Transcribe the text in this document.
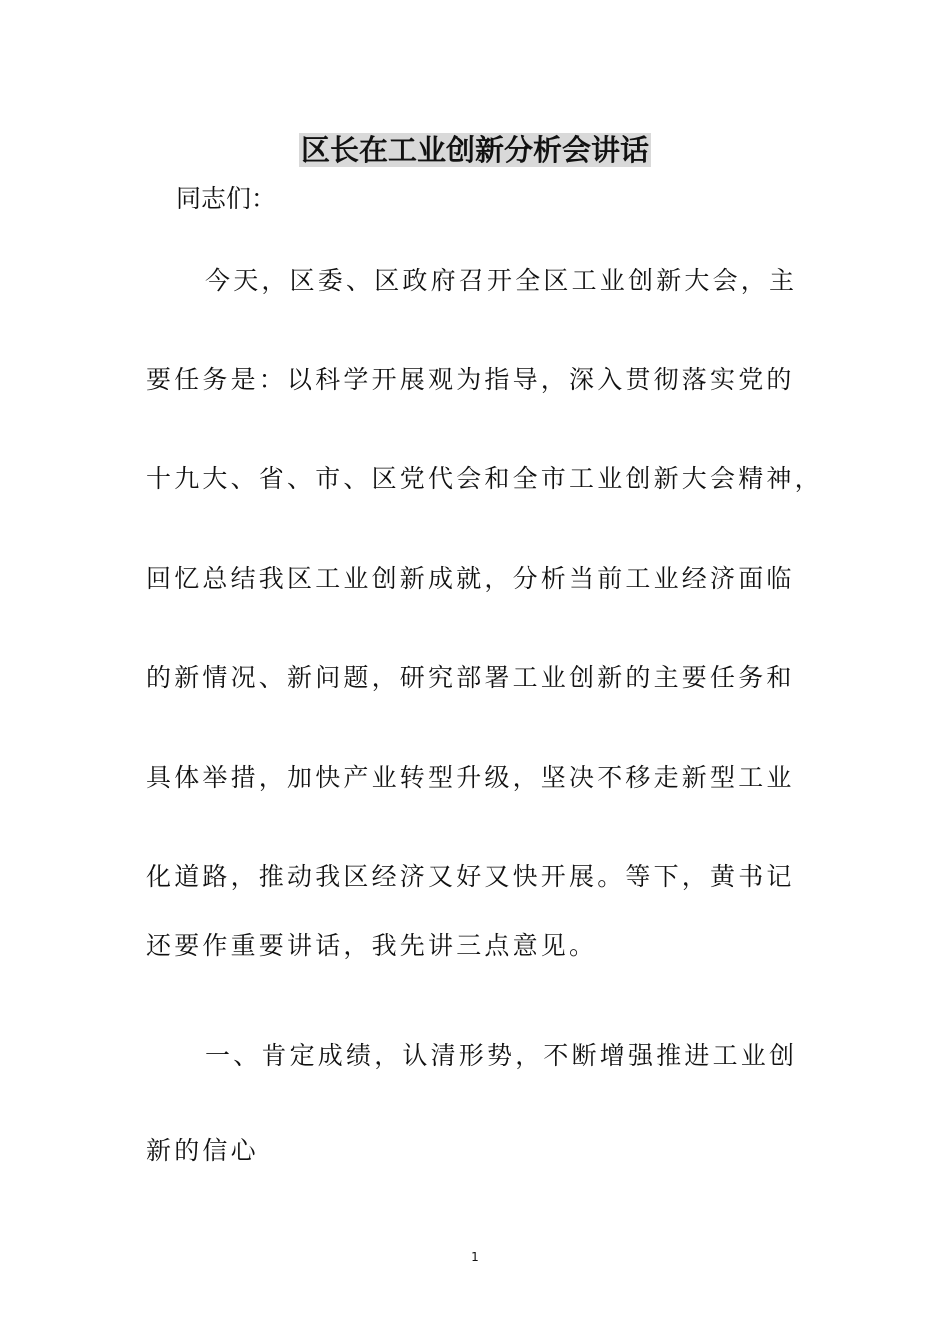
区长在工业创新分析会讲话

同志们：

今天，区委、区政府召开全区工业创新大会，主

要任务是：以科学开展观为指导，深入贯彻落实党的

十九大、省、市、区党代会和全市工业创新大会精神，

回忆总结我区工业创新成就，分析当前工业经济面临

的新情况、新问题，研究部署工业创新的主要任务和

具体举措，加快产业转型升级，坚决不移走新型工业

化道路，推动我区经济又好又快开展。等下，黄书记

还要作重要讲话，我先讲三点意见。

一、肯定成绩，认清形势，不断增强推进工业创

新的信心

1
